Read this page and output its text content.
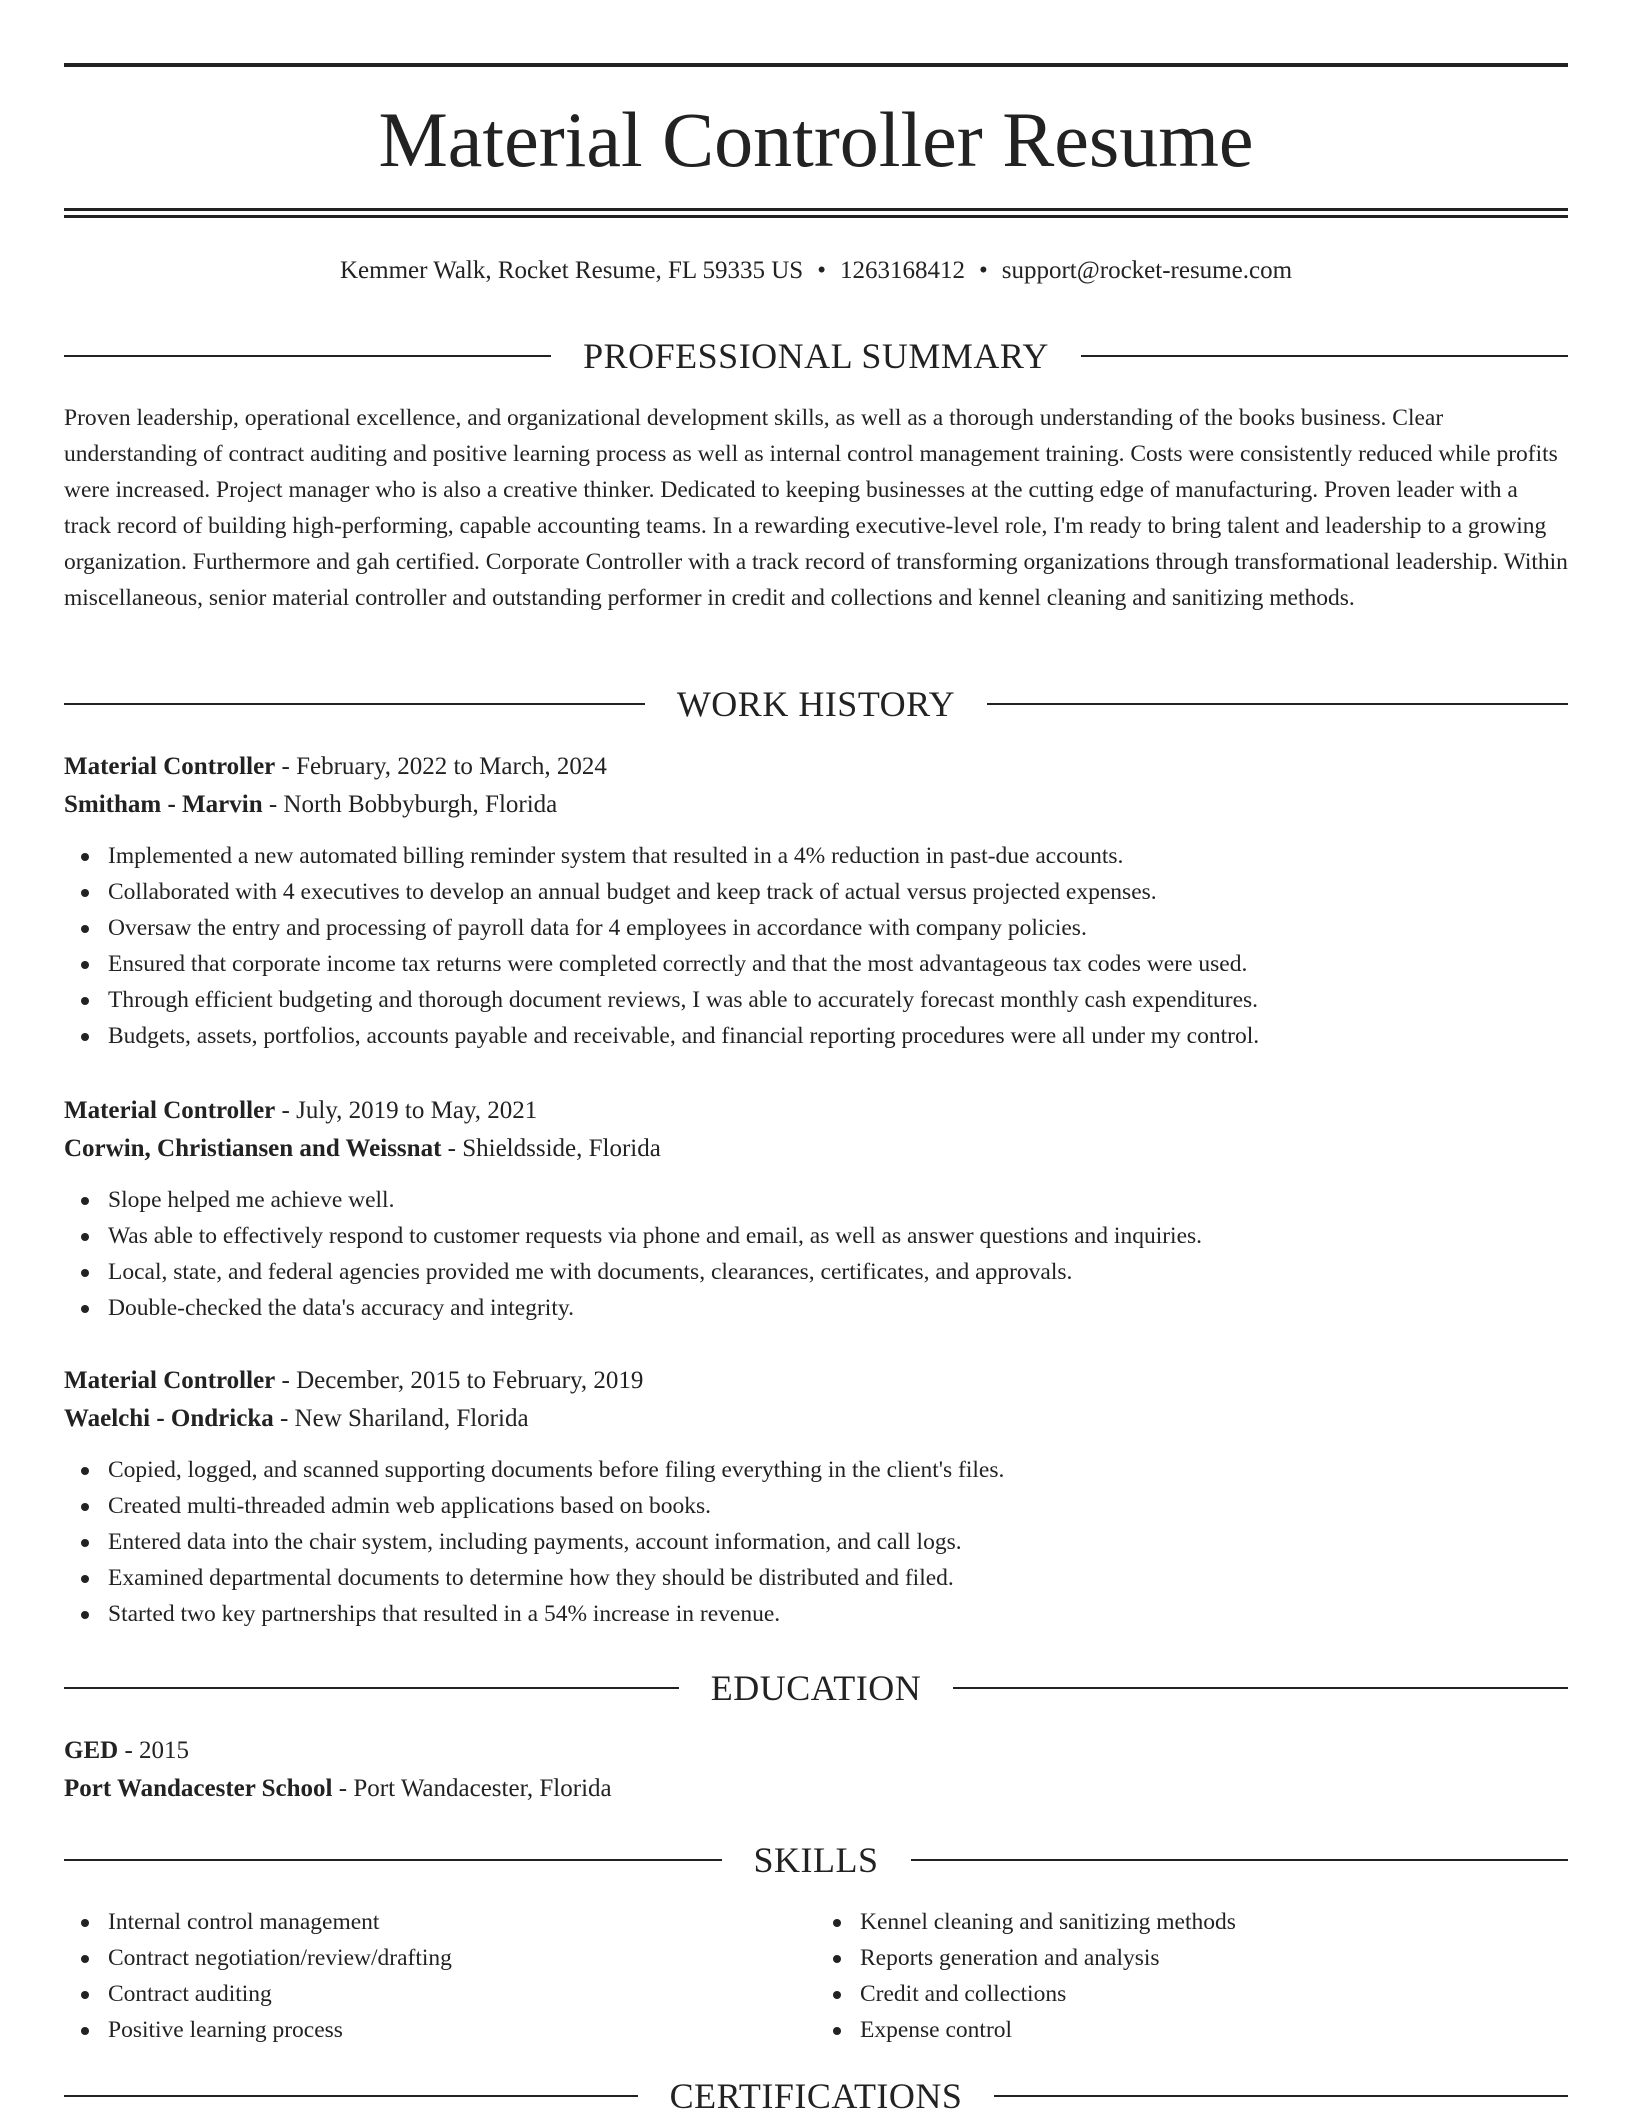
Material Controller Resume
Kemmer Walk, Rocket Resume, FL 59335 US • 1263168412 • support@rocket-resume.com
PROFESSIONAL SUMMARY

Proven leadership, operational excellence, and organizational development skills, as well as a thorough understanding of the books business. Clear understanding of contract auditing and positive learning process as well as internal control management training. Costs were consistently reduced while profits were increased. Project manager who is also a creative thinker. Dedicated to keeping businesses at the cutting edge of manufacturing. Proven leader with a track record of building high-performing, capable accounting teams. In a rewarding executive-level role, I'm ready to bring talent and leadership to a growing organization. Furthermore and gah certified. Corporate Controller with a track record of transforming organizations through transformational leadership. Within miscellaneous, senior material controller and outstanding performer in credit and collections and kennel cleaning and sanitizing methods.

WORK HISTORY
Material Controller - February, 2022 to March, 2024
Smitham - Marvin - North Bobbyburgh, Florida
Implemented a new automated billing reminder system that resulted in a 4% reduction in past-due accounts.
Collaborated with 4 executives to develop an annual budget and keep track of actual versus projected expenses.
Oversaw the entry and processing of payroll data for 4 employees in accordance with company policies.
Ensured that corporate income tax returns were completed correctly and that the most advantageous tax codes were used.
Through efficient budgeting and thorough document reviews, I was able to accurately forecast monthly cash expenditures.
Budgets, assets, portfolios, accounts payable and receivable, and financial reporting procedures were all under my control.
Material Controller - July, 2019 to May, 2021
Corwin, Christiansen and Weissnat - Shieldsside, Florida
Slope helped me achieve well.
Was able to effectively respond to customer requests via phone and email, as well as answer questions and inquiries.
Local, state, and federal agencies provided me with documents, clearances, certificates, and approvals.
Double-checked the data's accuracy and integrity.
Material Controller - December, 2015 to February, 2019
Waelchi - Ondricka - New Shariland, Florida
Copied, logged, and scanned supporting documents before filing everything in the client's files.
Created multi-threaded admin web applications based on books.
Entered data into the chair system, including payments, account information, and call logs.
Examined departmental documents to determine how they should be distributed and filed.
Started two key partnerships that resulted in a 54% increase in revenue.
EDUCATION
GED - 2015
Port Wandacester School - Port Wandacester, Florida
SKILLS
Internal control management
Contract negotiation/review/drafting
Contract auditing
Positive learning process
Kennel cleaning and sanitizing methods
Reports generation and analysis
Credit and collections
Expense control
CERTIFICATIONS
